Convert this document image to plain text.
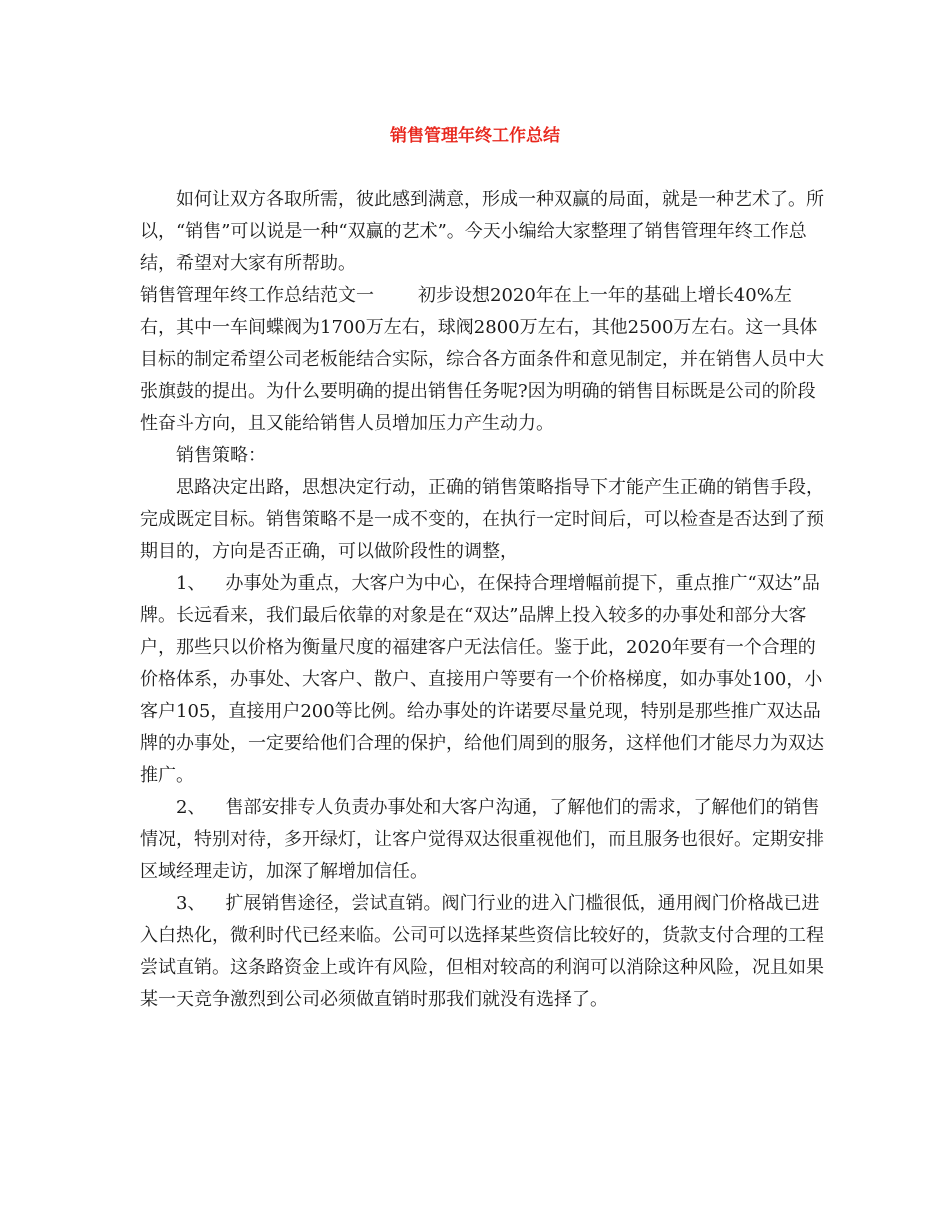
销售管理年终工作总结

如何让双方各取所需，彼此感到满意，形成一种双赢的局面，就是一种艺术了。所以，“销售”可以说是一种“双赢的艺术”。今天小编给大家整理了销售管理年终工作总结，希望对大家有所帮助。

销售管理年终工作总结范文一 初步设想2020年在上一年的基础上增长40%左右，其中一车间蝶阀为1700万左右，球阀2800万左右，其他2500万左右。这一具体目标的制定希望公司老板能结合实际，综合各方面条件和意见制定，并在销售人员中大张旗鼓的提出。为什么要明确的提出销售任务呢?因为明确的销售目标既是公司的阶段性奋斗方向，且又能给销售人员增加压力产生动力。

销售策略：

思路决定出路，思想决定行动，正确的销售策略指导下才能产生正确的销售手段，完成既定目标。销售策略不是一成不变的，在执行一定时间后，可以检查是否达到了预期目的，方向是否正确，可以做阶段性的调整，

1、 办事处为重点，大客户为中心，在保持合理增幅前提下，重点推广“双达”品牌。长远看来，我们最后依靠的对象是在“双达”品牌上投入较多的办事处和部分大客户，那些只以价格为衡量尺度的福建客户无法信任。鉴于此，2020年要有一个合理的价格体系，办事处、大客户、散户、直接用户等要有一个价格梯度，如办事处100，小客户105，直接用户200等比例。给办事处的许诺要尽量兑现，特别是那些推广双达品牌的办事处，一定要给他们合理的保护，给他们周到的服务，这样他们才能尽力为双达推广。

2、 售部安排专人负责办事处和大客户沟通，了解他们的需求，了解他们的销售情况，特别对待，多开绿灯，让客户觉得双达很重视他们，而且服务也很好。定期安排区域经理走访，加深了解增加信任。

3、 扩展销售途径，尝试直销。阀门行业的进入门槛很低，通用阀门价格战已进入白热化，微利时代已经来临。公司可以选择某些资信比较好的，货款支付合理的工程尝试直销。这条路资金上或许有风险，但相对较高的利润可以消除这种风险，况且如果某一天竞争激烈到公司必须做直销时那我们就没有选择了。
